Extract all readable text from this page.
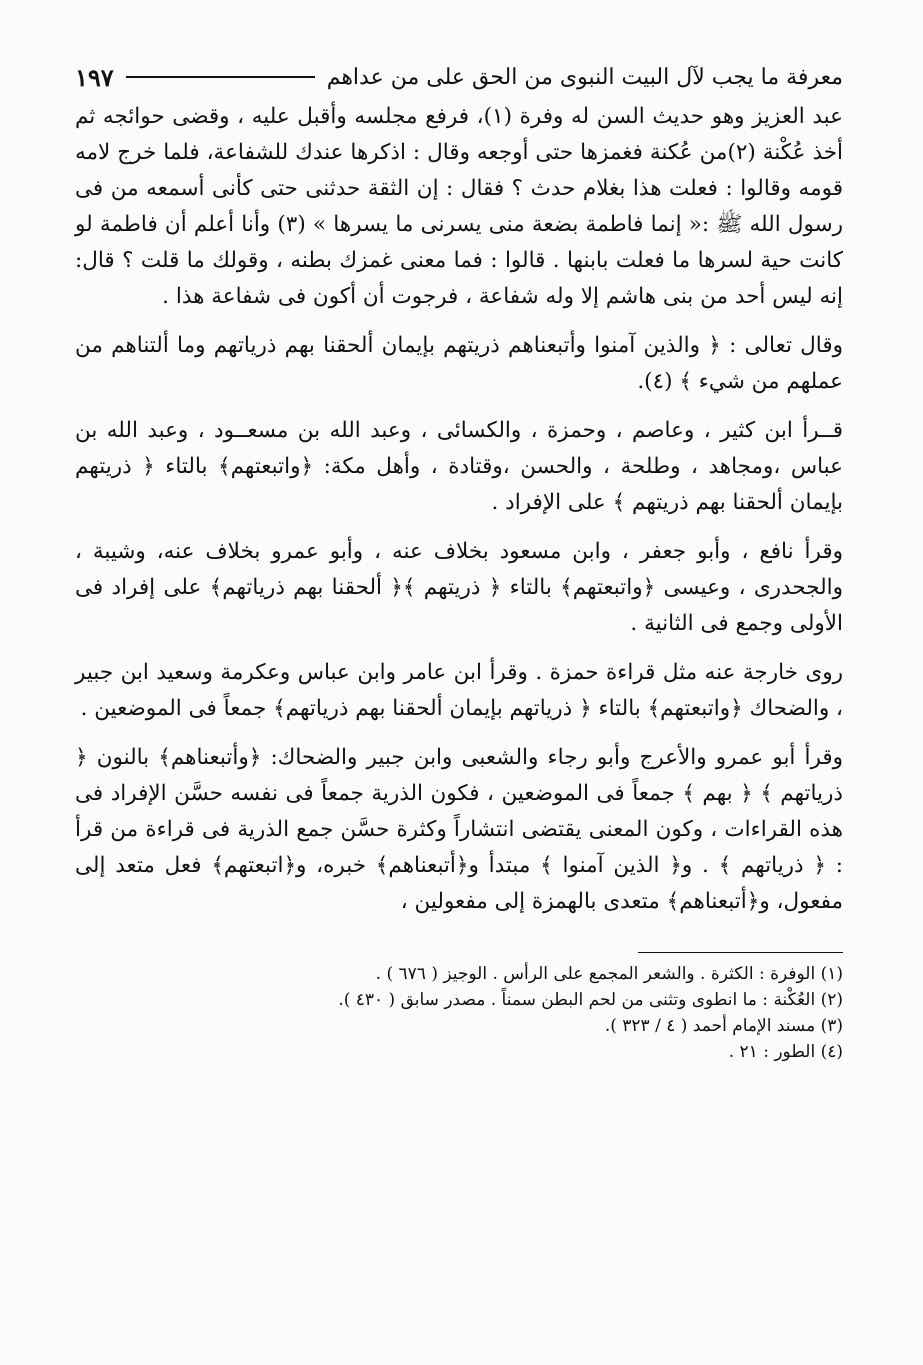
معرفة ما يجب لآل البيت النبوى من الحق على من عداهم
١٩٧

عبد العزيز وهو حديث السن له وفرة (١)، فرفع مجلسه وأقبل عليه ، وقضى حوائجه ثم أخذ عُكْنة (٢)من عُكنة فغمزها حتى أوجعه وقال : اذكرها عندك للشفاعة، فلما خرج لامه قومه وقالوا : فعلت هذا بغلام حدث ؟ فقال : إن الثقة حدثنى حتى كأنى أسمعه من فى رسول الله ﷺ :« إنما فاطمة بضعة منى يسرنى ما يسرها » (٣) وأنا أعلم أن فاطمة لو كانت حية لسرها ما فعلت بابنها . قالوا : فما معنى غمزك بطنه ، وقولك ما قلت ؟ قال: إنه ليس أحد من بنى هاشم إلا وله شفاعة ، فرجوت أن أكون فى شفاعة هذا .

وقال تعالى : ﴿ والذين آمنوا وأتبعناهم ذريتهم بإيمان ألحقنا بهم ذرياتهم وما ألتناهم من عملهم من شيء ﴾ (٤).

قــرأ ابن كثير ، وعاصم ، وحمزة ، والكسائى ، وعبد الله بن مسعــود ، وعبد الله بن عباس ،ومجاهد ، وطلحة ، والحسن ،وقتادة ، وأهل مكة: ﴿واتبعتهم﴾ بالتاء ﴿ ذريتهم بإيمان ألحقنا بهم ذريتهم ﴾ على الإفراد .

وقرأ نافع ، وأبو جعفر ، وابن مسعود بخلاف عنه ، وأبو عمرو بخلاف عنه، وشيبة ، والجحدرى ، وعيسى ﴿واتبعتهم﴾ بالتاء ﴿ ذريتهم ﴾﴿ ألحقنا بهم ذرياتهم﴾ على إفراد فى الأولى وجمع فى الثانية .

روى خارجة عنه مثل قراءة حمزة . وقرأ ابن عامر وابن عباس وعكرمة وسعيد ابن جبير ، والضحاك ﴿واتبعتهم﴾ بالتاء ﴿ ذرياتهم بإيمان ألحقنا بهم ذرياتهم﴾ جمعاً فى الموضعين .

وقرأ أبو عمرو والأعرج وأبو رجاء والشعبى وابن جبير والضحاك: ﴿وأتبعناهم﴾ بالنون ﴿ ذرياتهم ﴾ ﴿ بهم ﴾ جمعاً فى الموضعين ، فكون الذرية جمعاً فى نفسه حسَّن الإفراد فى هذه القراءات ، وكون المعنى يقتضى انتشاراً وكثرة حسَّن جمع الذرية فى قراءة من قرأ : ﴿ ذرياتهم ﴾ . و﴿ الذين آمنوا ﴾ مبتدأ و﴿أتبعناهم﴾ خبره، و﴿اتبعتهم﴾ فعل متعد إلى مفعول، و﴿أتبعناهم﴾ متعدى بالهمزة إلى مفعولين ،

(١) الوفرة : الكثرة . والشعر المجمع على الرأس . الوجيز ( ٦٧٦ ) .

(٢) العُكْنة : ما انطوى وتثنى من لحم البطن سمناً . مصدر سابق ( ٤٣٠ ).

(٣) مسند الإمام أحمد ( ٤ / ٣٢٣ ).

(٤) الطور : ٢١ .
